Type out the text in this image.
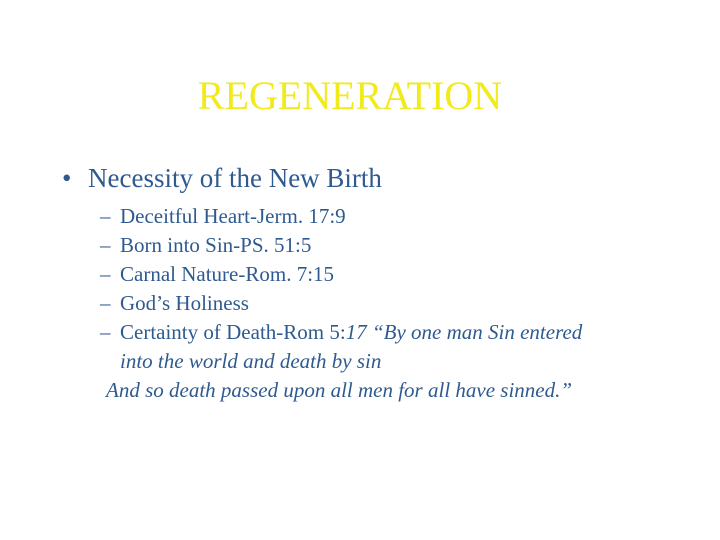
REGENERATION
• Necessity of the New Birth
– Deceitful Heart-Jerm. 17:9
– Born into Sin-PS. 51:5
– Carnal Nature-Rom. 7:15
– God’s Holiness
– Certainty of Death-Rom 5:17 “By one man Sin entered
into the world and death by sin
And so death passed upon all men for all have sinned.”
